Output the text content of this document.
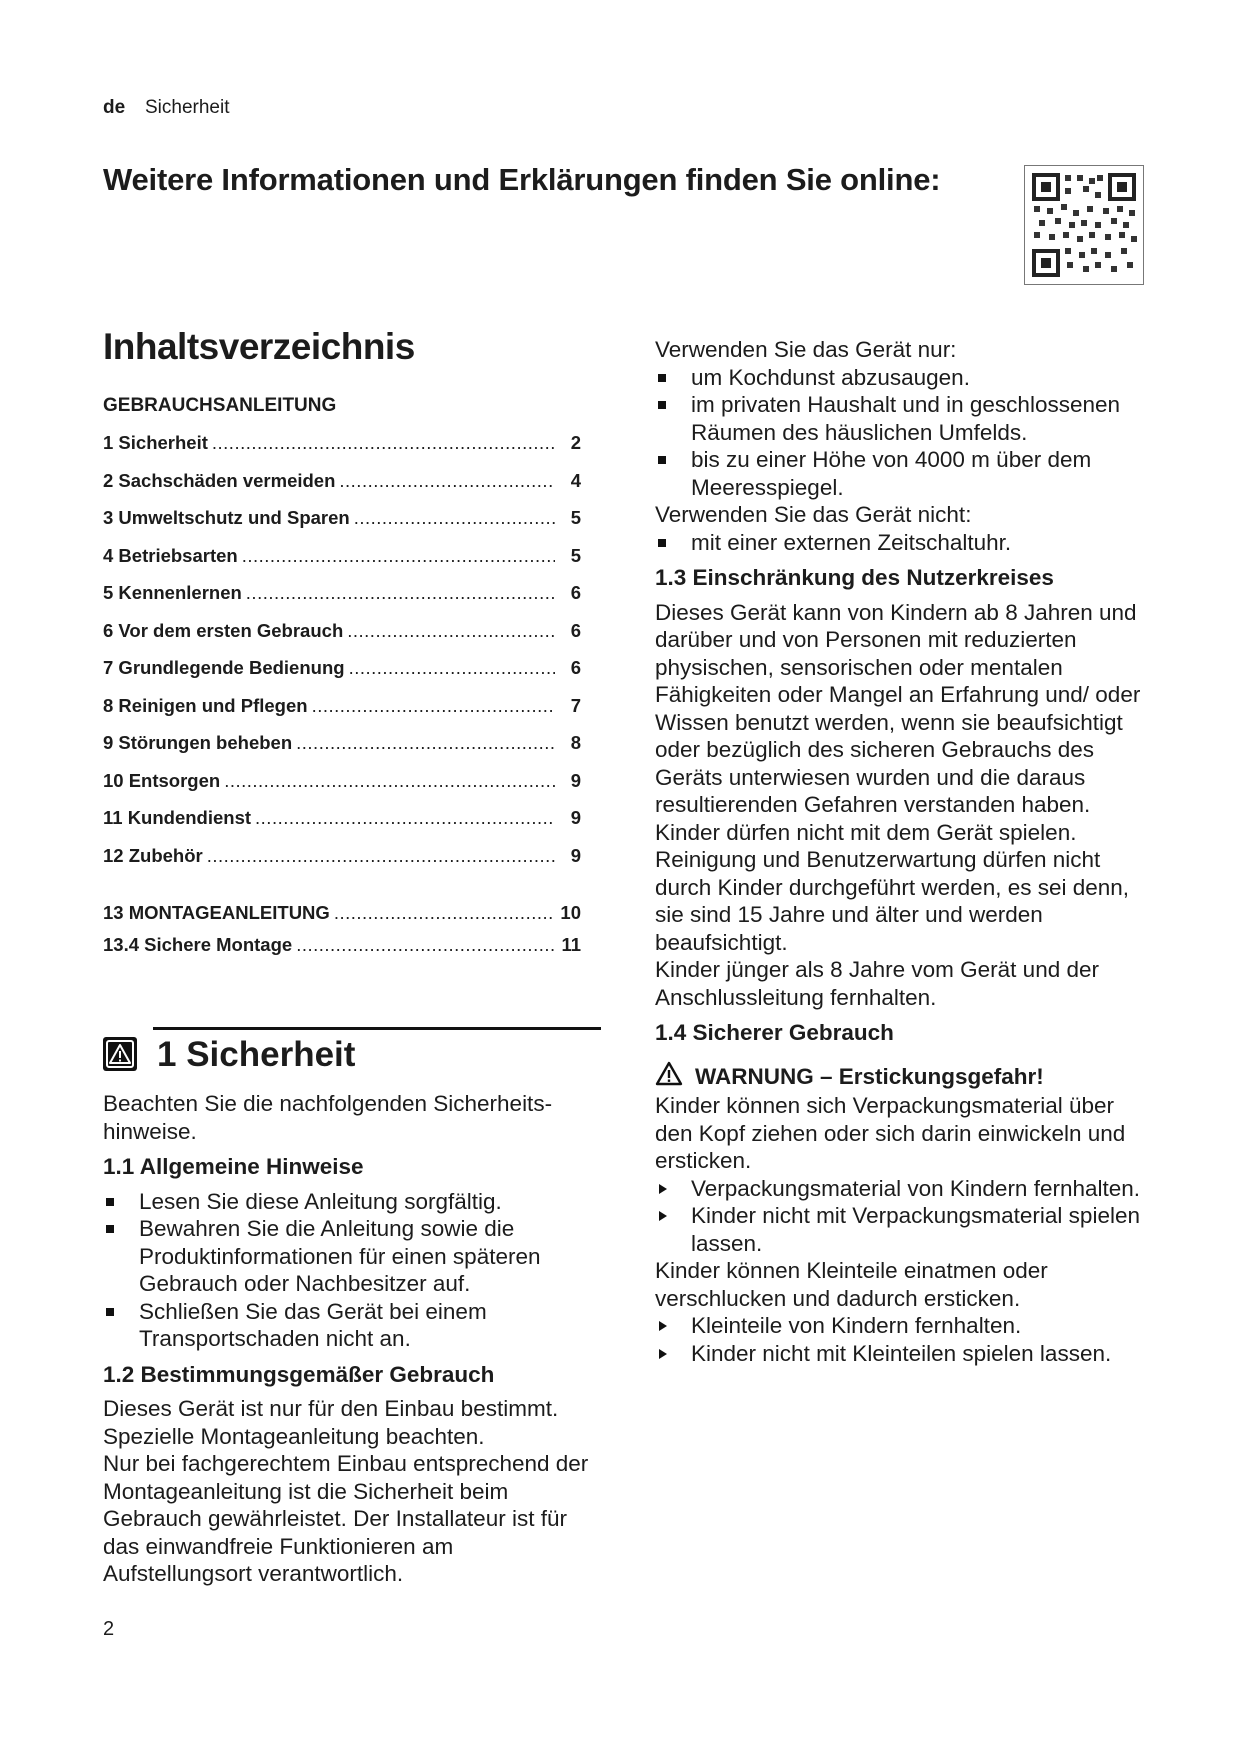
de Sicherheit
Weitere Informationen und Erklärungen finden Sie online:
Inhaltsverzeichnis
GEBRAUCHSANLEITUNG
1 Sicherheit .....	2
2 Sachschäden vermeiden .....	4
3 Umweltschutz und Sparen .....	5
4 Betriebsarten .....	5
5 Kennenlernen .....	6
6 Vor dem ersten Gebrauch .....	6
7 Grundlegende Bedienung .....	6
8 Reinigen und Pflegen .....	7
9 Störungen beheben .....	8
10 Entsorgen .....	9
11 Kundendienst .....	9
12 Zubehör .....	9
13 MONTAGEANLEITUNG .....	10
13.4 Sichere Montage .....	11
1 Sicherheit

Beachten Sie die nachfolgenden Sicherheitshinweise.

1.1 Allgemeine Hinweise
Lesen Sie diese Anleitung sorgfältig.
Bewahren Sie die Anleitung sowie die Produktinformationen für einen späteren Gebrauch oder Nachbesitzer auf.
Schließen Sie das Gerät bei einem Transportschaden nicht an.
1.2 Bestimmungsgemäßer Gebrauch

Dieses Gerät ist nur für den Einbau bestimmt. Spezielle Montageanleitung beachten.

Nur bei fachgerechtem Einbau entsprechend der Montageanleitung ist die Sicherheit beim Gebrauch gewährleistet. Der Installateur ist für das einwandfreie Funktionieren am Aufstellungsort verantwortlich.

Verwenden Sie das Gerät nur:

um Kochdunst abzusaugen.
im privaten Haushalt und in geschlossenen Räumen des häuslichen Umfelds.
bis zu einer Höhe von 4000 m über dem Meeresspiegel.

Verwenden Sie das Gerät nicht:

mit einer externen Zeitschaltuhr.
1.3 Einschränkung des Nutzerkreises

Dieses Gerät kann von Kindern ab 8 Jahren und darüber und von Personen mit reduzierten physischen, sensorischen oder mentalen Fähigkeiten oder Mangel an Erfahrung und/ oder Wissen benutzt werden, wenn sie beaufsichtigt oder bezüglich des sicheren Gebrauchs des Geräts unterwiesen wurden und die daraus resultierenden Gefahren verstanden haben.

Kinder dürfen nicht mit dem Gerät spielen.

Reinigung und Benutzerwartung dürfen nicht durch Kinder durchgeführt werden, es sei denn, sie sind 15 Jahre und älter und werden beaufsichtigt.

Kinder jünger als 8 Jahre vom Gerät und der Anschlussleitung fernhalten.

1.4 Sicherer Gebrauch
WARNUNG – Erstickungsgefahr!

Kinder können sich Verpackungsmaterial über den Kopf ziehen oder sich darin einwickeln und ersticken.

Verpackungsmaterial von Kindern fernhalten.
Kinder nicht mit Verpackungsmaterial spielen lassen.

Kinder können Kleinteile einatmen oder verschlucken und dadurch ersticken.

Kleinteile von Kindern fernhalten.
Kinder nicht mit Kleinteilen spielen lassen.
2
